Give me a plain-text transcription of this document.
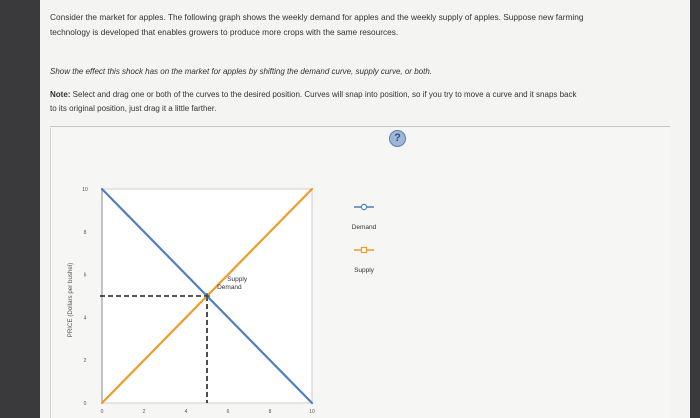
Consider the market for apples. The following graph shows the weekly demand for apples and the weekly supply of apples. Suppose new farming
technology is developed that enables growers to produce more crops with the same resources.
Show the effect this shock has on the market for apples by shifting the demand curve, supply curve, or both.
Note: Select and drag one or both of the curves to the desired position. Curves will snap into position, so if you try to move a curve and it snaps back
to its original position, just drag it a little farther.
?
0
2
4
6
8
10
0	2	4	6	8	10
PRICE (Dollars per bushel)	Supply
Demand
Demand
Supply
